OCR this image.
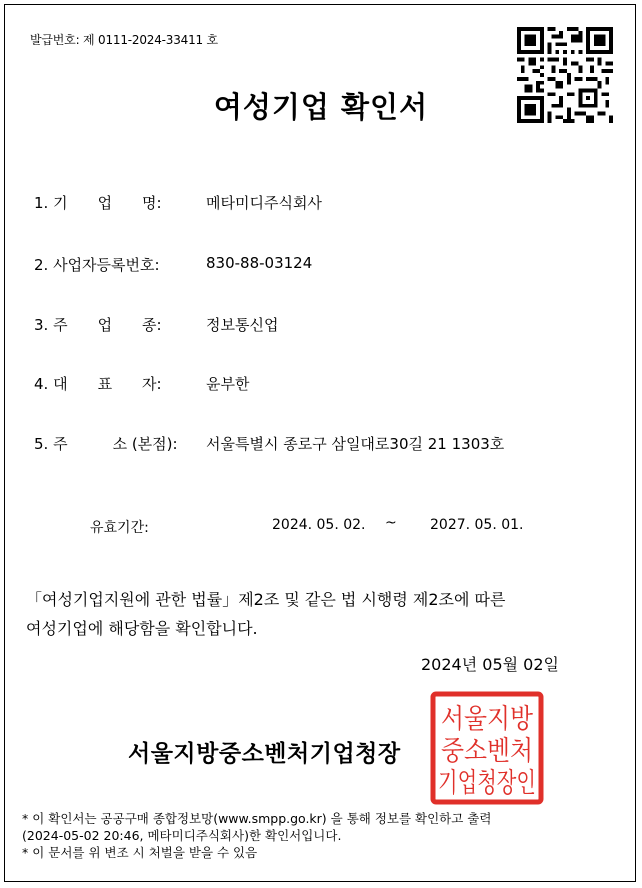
발급번호: 제 0111-2024-33411 호
여성기업 확인서
1. 기　　업　　명:	메타미디주식회사
2. 사업자등록번호:	830-88-03124
3. 주　　업　　종:	정보통신업
4. 대　　표　　자:	윤부한
5. 주　　　소 (본점): 서울특별시 종로구 삼일대로30길 21 1303호
유효기간:	2024. 05. 02. ~ 2027. 05. 01.
「여성기업지원에 관한 법률」제2조 및 같은 법 시행령 제2조에 따른
여성기업에 해당함을 확인합니다.
2024년 05월 02일
서울지방중소벤처기업청장
서울지방
중소벤처
기업청장인
* 이 확인서는 공공구매 종합정보망(www.smpp.go.kr) 을 통해 정보를 확인하고 출력
(2024-05-02 20:46, 메타미디주식회사)한 확인서입니다.
* 이 문서를 위 변조 시 처벌을 받을 수 있음
